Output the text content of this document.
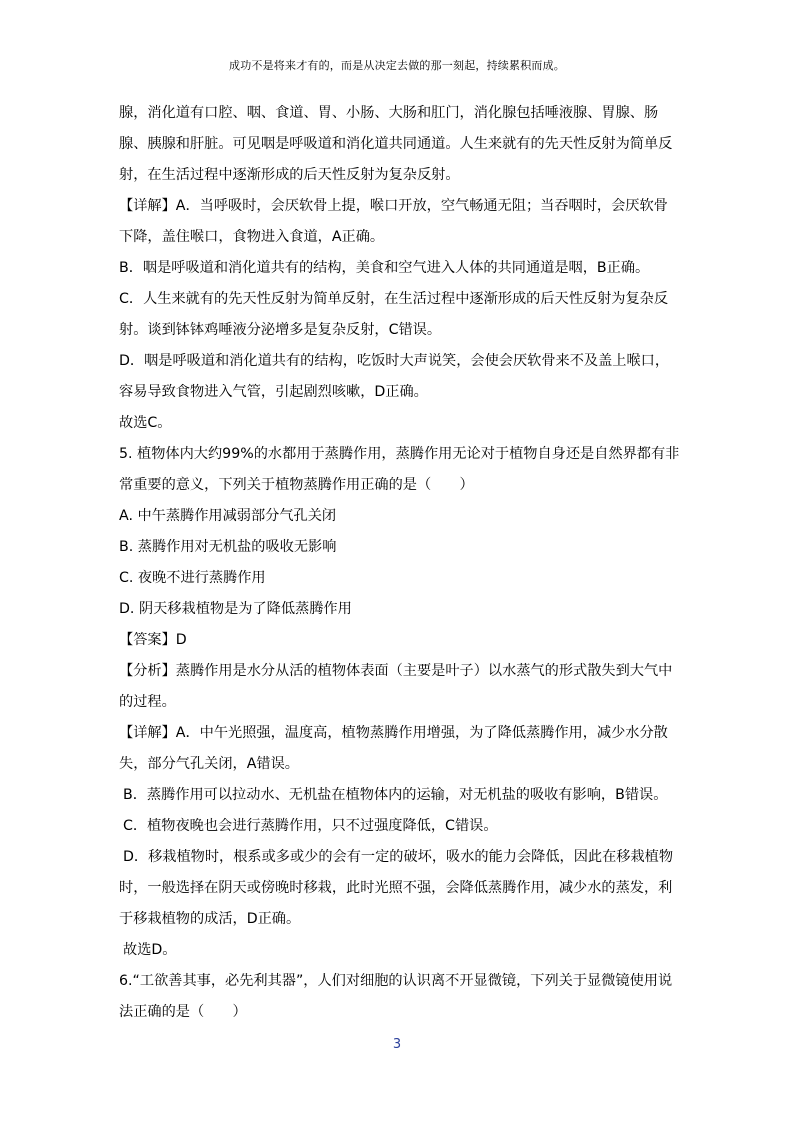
成功不是将来才有的，而是从决定去做的那一刻起，持续累积而成。
腺，消化道有口腔、咽、食道、胃、小肠、大肠和肛门，消化腺包括唾液腺、胃腺、肠
腺、胰腺和肝脏。可见咽是呼吸道和消化道共同通道。人生来就有的先天性反射为简单反
射，在生活过程中逐渐形成的后天性反射为复杂反射。
【详解】A．当呼吸时，会厌软骨上提，喉口开放，空气畅通无阻；当吞咽时，会厌软骨
下降，盖住喉口，食物进入食道，A正确。
B．咽是呼吸道和消化道共有的结构，美食和空气进入人体的共同通道是咽，B正确。
C．人生来就有的先天性反射为简单反射，在生活过程中逐渐形成的后天性反射为复杂反
射。谈到钵钵鸡唾液分泌增多是复杂反射，C错误。
D．咽是呼吸道和消化道共有的结构，吃饭时大声说笑，会使会厌软骨来不及盖上喉口，
容易导致食物进入气管，引起剧烈咳嗽，D正确。
故选C。
5. 植物体内大约99%的水都用于蒸腾作用，蒸腾作用无论对于植物自身还是自然界都有非
常重要的意义，下列关于植物蒸腾作用正确的是（　　）
A. 中午蒸腾作用减弱部分气孔关闭
B. 蒸腾作用对无机盐的吸收无影响
C. 夜晚不进行蒸腾作用
D. 阴天移栽植物是为了降低蒸腾作用
【答案】D
【分析】蒸腾作用是水分从活的植物体表面（主要是叶子）以水蒸气的形式散失到大气中
的过程。
【详解】A．中午光照强，温度高，植物蒸腾作用增强，为了降低蒸腾作用，减少水分散
失，部分气孔关闭，A错误。
B．蒸腾作用可以拉动水、无机盐在植物体内的运输，对无机盐的吸收有影响，B错误。
C．植物夜晚也会进行蒸腾作用，只不过强度降低，C错误。
D．移栽植物时，根系或多或少的会有一定的破坏，吸水的能力会降低，因此在移栽植物
时，一般选择在阴天或傍晚时移栽，此时光照不强，会降低蒸腾作用，减少水的蒸发，利
于移栽植物的成活，D正确。
故选D。
6.“工欲善其事，必先利其器”，人们对细胞的认识离不开显微镜，下列关于显微镜使用说
法正确的是（　　）
3
